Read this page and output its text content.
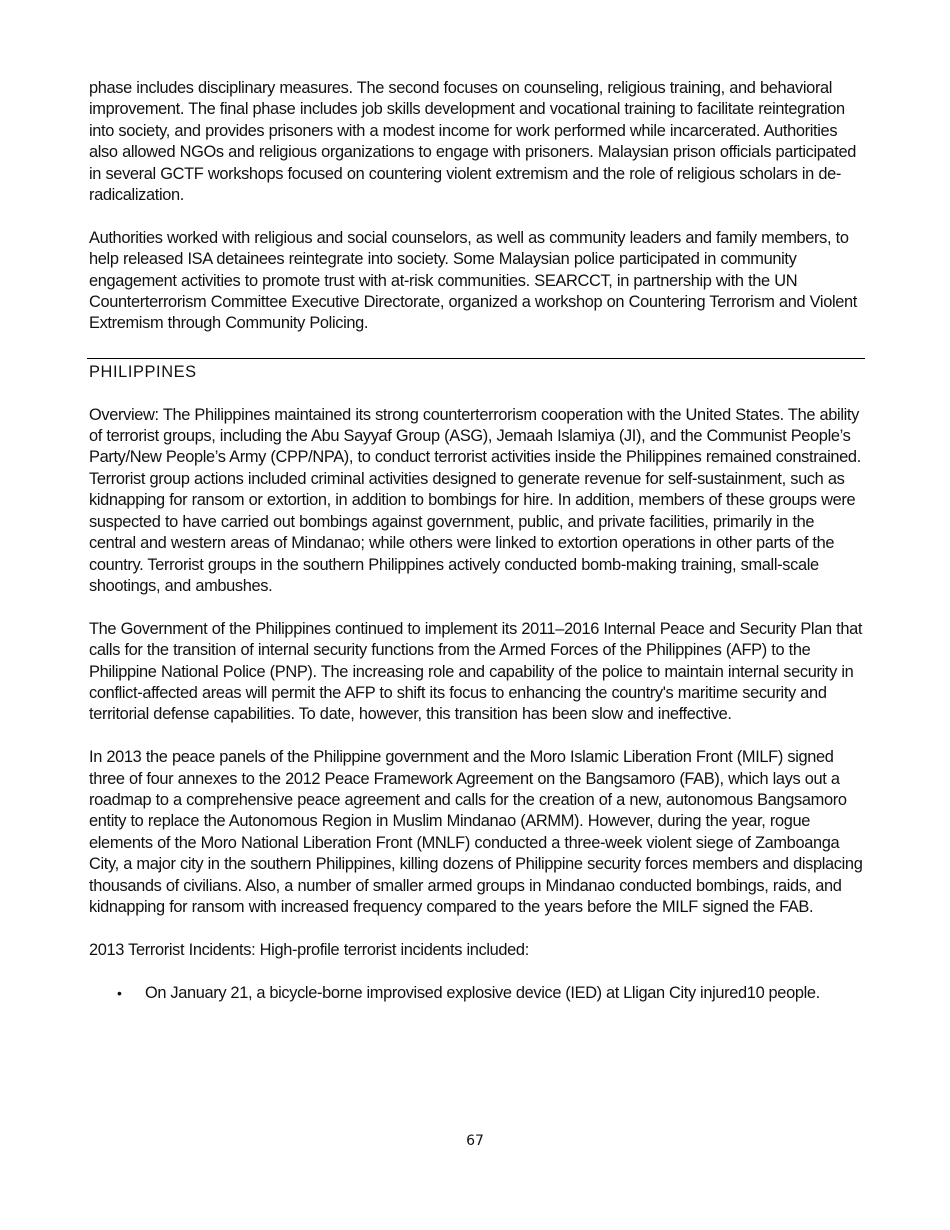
phase includes disciplinary measures. The second focuses on counseling, religious training, and behavioral improvement. The final phase includes job skills development and vocational training to facilitate reintegration into society, and provides prisoners with a modest income for work performed while incarcerated. Authorities also allowed NGOs and religious organizations to engage with prisoners. Malaysian prison officials participated in several GCTF workshops focused on countering violent extremism and the role of religious scholars in de-radicalization.

Authorities worked with religious and social counselors, as well as community leaders and family members, to help released ISA detainees reintegrate into society. Some Malaysian police participated in community engagement activities to promote trust with at-risk communities. SEARCCT, in partnership with the UN Counterterrorism Committee Executive Directorate, organized a workshop on Countering Terrorism and Violent Extremism through Community Policing.

PHILIPPINES

Overview: The Philippines maintained its strong counterterrorism cooperation with the United States. The ability of terrorist groups, including the Abu Sayyaf Group (ASG), Jemaah Islamiya (JI), and the Communist People’s Party/New People’s Army (CPP/NPA), to conduct terrorist activities inside the Philippines remained constrained. Terrorist group actions included criminal activities designed to generate revenue for self-sustainment, such as kidnapping for ransom or extortion, in addition to bombings for hire. In addition, members of these groups were suspected to have carried out bombings against government, public, and private facilities, primarily in the central and western areas of Mindanao; while others were linked to extortion operations in other parts of the country. Terrorist groups in the southern Philippines actively conducted bomb-making training, small-scale shootings, and ambushes.

The Government of the Philippines continued to implement its 2011–2016 Internal Peace and Security Plan that calls for the transition of internal security functions from the Armed Forces of the Philippines (AFP) to the Philippine National Police (PNP). The increasing role and capability of the police to maintain internal security in conflict-affected areas will permit the AFP to shift its focus to enhancing the country's maritime security and territorial defense capabilities. To date, however, this transition has been slow and ineffective.

In 2013 the peace panels of the Philippine government and the Moro Islamic Liberation Front (MILF) signed three of four annexes to the 2012 Peace Framework Agreement on the Bangsamoro (FAB), which lays out a roadmap to a comprehensive peace agreement and calls for the creation of a new, autonomous Bangsamoro entity to replace the Autonomous Region in Muslim Mindanao (ARMM). However, during the year, rogue elements of the Moro National Liberation Front (MNLF) conducted a three-week violent siege of Zamboanga City, a major city in the southern Philippines, killing dozens of Philippine security forces members and displacing thousands of civilians. Also, a number of smaller armed groups in Mindanao conducted bombings, raids, and kidnapping for ransom with increased frequency compared to the years before the MILF signed the FAB.

2013 Terrorist Incidents: High-profile terrorist incidents included:

• On January 21, a bicycle-borne improvised explosive device (IED) at Lligan City injured10 people.
67
